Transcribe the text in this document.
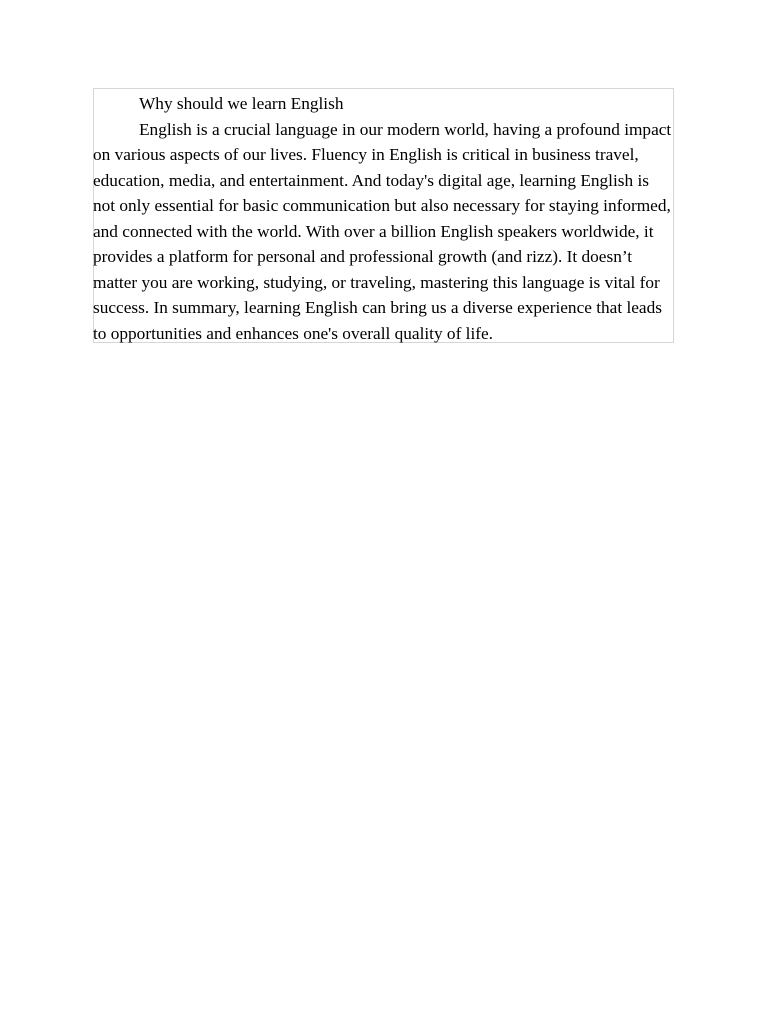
Why should we learn English

English is a crucial language in our modern world, having a profound impact on various aspects of our lives. Fluency in English is critical in business travel, education, media, and entertainment. And today's digital age, learning English is not only essential for basic communication but also necessary for staying informed, and connected with the world. With over a billion English speakers worldwide, it provides a platform for personal and professional growth (and rizz). It doesn’t matter you are working, studying, or traveling, mastering this language is vital for success. In summary, learning English can bring us a diverse experience that leads to opportunities and enhances one's overall quality of life.
